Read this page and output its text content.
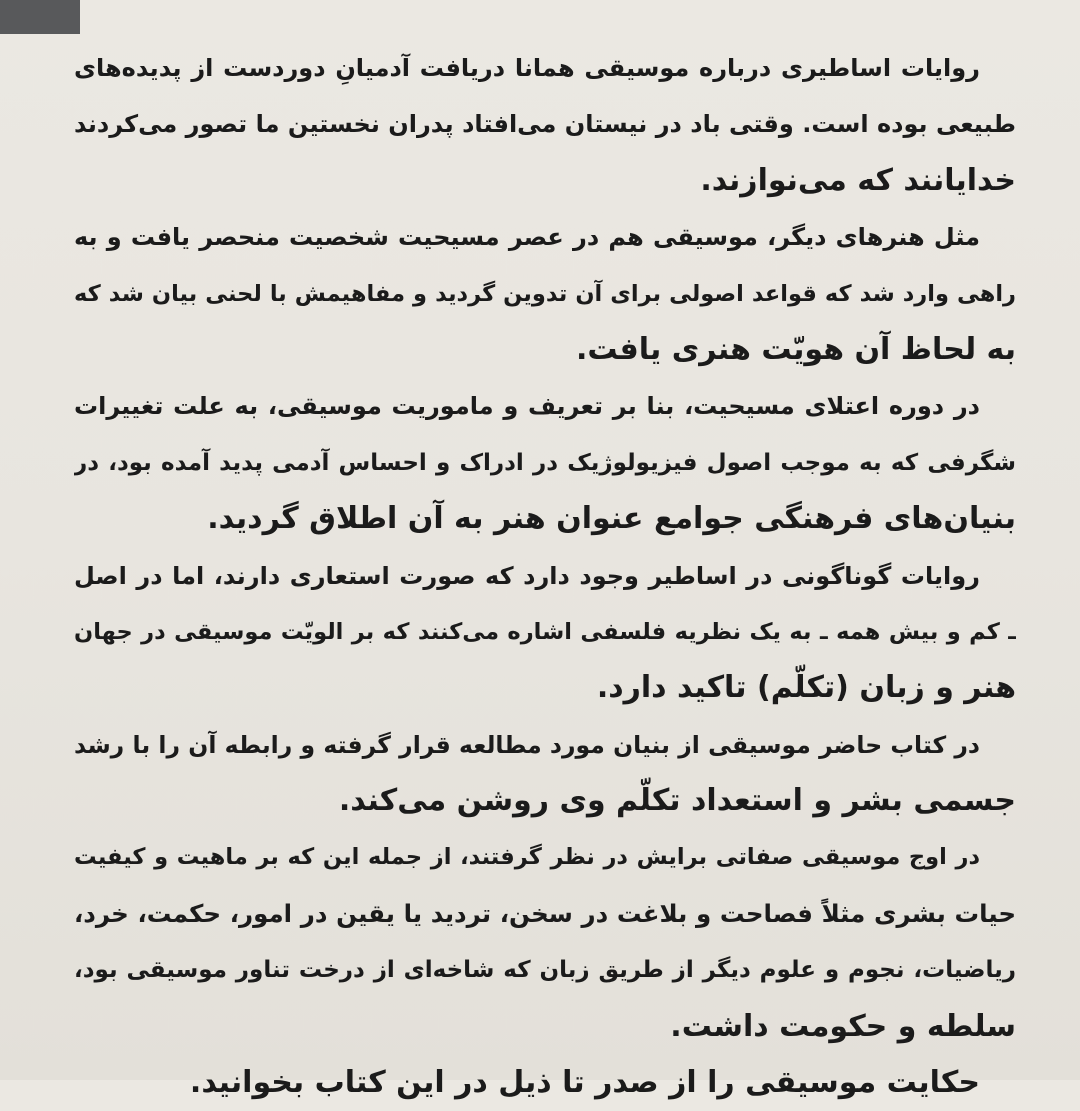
روایات اساطیری درباره موسیقی همانا دریافت آدمیانِ دوردست از پدیده‌های
طبیعی بوده است. وقتی باد در نیستان می‌افتاد پدران نخستین ما تصور می‌کردند
خدایانند که می‌نوازند.
مثل هنرهای دیگر، موسیقی هم در عصر مسیحیت شخصیت منحصر یافت و به
راهی وارد شد که قواعد اصولی برای آن تدوین گردید و مفاهیمش با لحنی بیان شد که
به لحاظ آن هویّت هنری یافت.
در دوره اعتلای مسیحیت، بنا بر تعریف و ماموریت موسیقی، به علت تغییرات
شگرفی که به موجب اصول فیزیولوژیک در ادراک و احساس آدمی پدید آمده بود، در
بنیان‌های فرهنگی جوامع عنوان هنر به آن اطلاق گردید.
روایات گوناگونی در اساطیر وجود دارد که صورت استعاری دارند، اما در اصل
ـ کم و بیش همه ـ به یک نظریه فلسفی اشاره می‌کنند که بر الویّت موسیقی در جهان
هنر و زبان (تکلّم) تاکید دارد.
در کتاب حاضر موسیقی از بنیان مورد مطالعه قرار گرفته و رابطه آن را با رشد
جسمی بشر و استعداد تکلّم وی روشن می‌کند.
در اوج موسیقی صفاتی برایش در نظر گرفتند، از جمله این که بر ماهیت و کیفیت
حیات بشری مثلاً فصاحت و بلاغت در سخن، تردید یا یقین در امور، حکمت، خرد،
ریاضیات، نجوم و علوم دیگر از طریق زبان که شاخه‌ای از درخت تناور موسیقی بود،
سلطه و حکومت داشت.
حکایت موسیقی را از صدر تا ذیل در این کتاب بخوانید.
